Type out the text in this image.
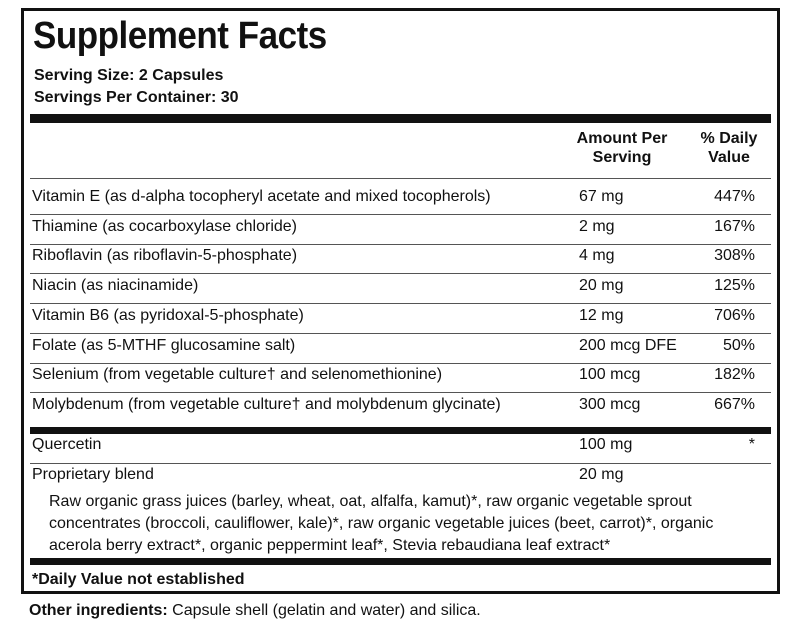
Supplement Facts
Serving Size: 2 Capsules
Servings Per Container: 30
Amount Per Serving
% Daily Value
Vitamin E (as d-alpha tocopheryl acetate and mixed tocopherols)	67 mg	447%
Thiamine (as cocarboxylase chloride)	2 mg	167%
Riboflavin (as riboflavin-5-phosphate)	4 mg	308%
Niacin (as niacinamide)	20 mg	125%
Vitamin B6 (as pyridoxal-5-phosphate)	12 mg	706%
Folate (as 5-MTHF glucosamine salt)	200 mcg DFE	50%
Selenium (from vegetable culture† and selenomethionine)	100 mcg	182%
Molybdenum (from vegetable culture† and molybdenum glycinate)	300 mcg	667%
Quercetin	100 mg	*
Proprietary blend	20 mg
Raw organic grass juices (barley, wheat, oat, alfalfa, kamut)*, raw organic vegetable sprout concentrates (broccoli, cauliflower, kale)*, raw organic vegetable juices (beet, carrot)*, organic acerola berry extract*, organic peppermint leaf*, Stevia rebaudiana leaf extract*
*Daily Value not established
Other ingredients: Capsule shell (gelatin and water) and silica.
